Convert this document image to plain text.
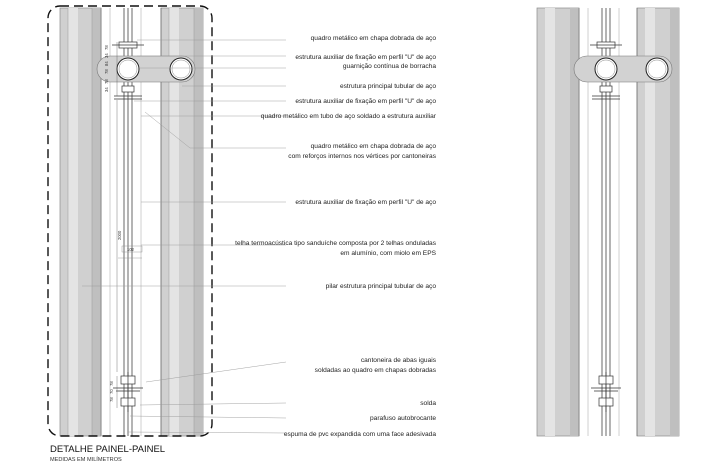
78
34
84
78
78
34
2000
102
78
70
78
quadro metálico em chapa dobrada de aço
estrutura auxiliar de fixação em perfil "U" de aço
guarnição contínua de borracha
estrutura principal tubular de aço
estrutura auxiliar de fixação em perfil "U" de aço
quadro metálico em tubo de aço soldado a estrutura auxiliar
quadro metálico em chapa dobrada de aço
com reforços internos nos vértices por cantoneiras
estrutura auxiliar de fixação em perfil "U" de aço
telha termoacústica tipo sanduíche composta por 2 telhas onduladas
em alumínio, com miolo em EPS
pilar estrutura principal tubular de aço
cantoneira de abas iguais
soldadas ao quadro em chapas dobradas
solda
parafuso autobrocante
espuma de pvc expandida com uma face adesivada
DETALHE PAINEL-PAINEL
MEDIDAS EM MILÍMETROS
